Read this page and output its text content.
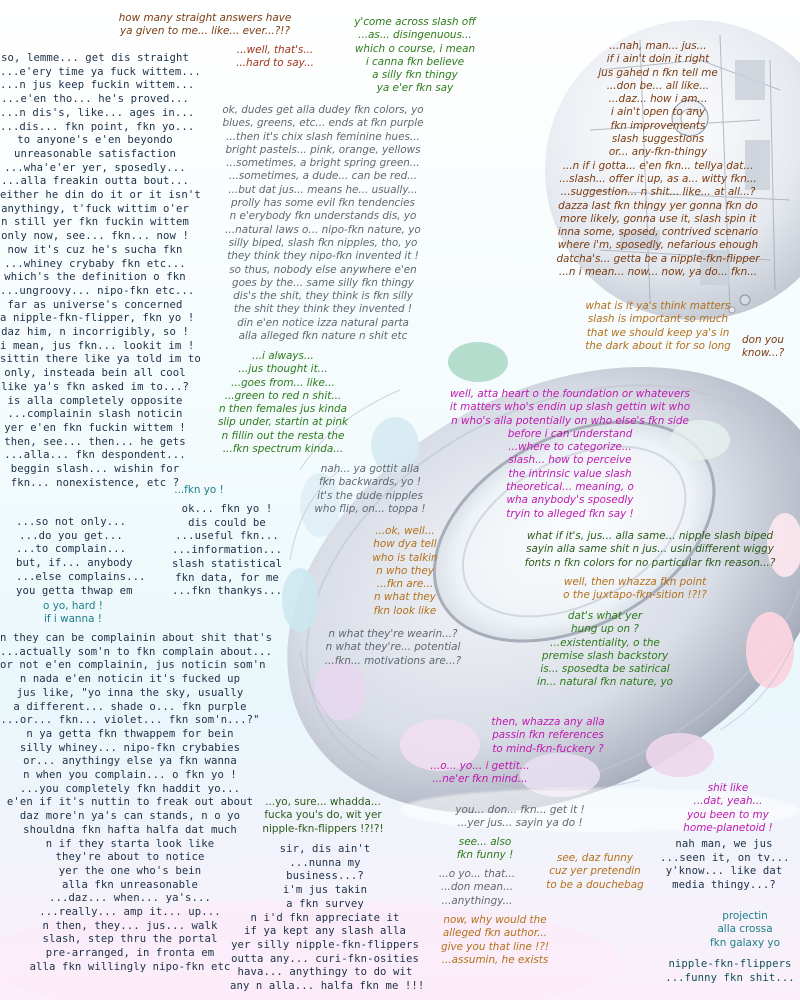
how many straight answers have
ya given to me... like... ever...?!?

...well, that's...
...hard to say...

y'come across slash off
...as... disingenuous...
which o course, i mean
i canna fkn believe
a silly fkn thingy
ya e'er fkn say

so, lemme... get dis straight
...e'ery time ya fuck wittem...
...n jus keep fuckin wittem...
...e'en tho... he's proved...
...n dis's, like... ages in...
...dis... fkn point, fkn yo...
to anyone's e'en beyondo
unreasonable satisfaction
...wha'e'er yer, sposedly...
...alla freakin outta bout...
either he din do it or it isn't
anythingy, t'fuck wittim o'er
n still yer fkn fuckin wittem
only now, see... fkn... now !
now it's cuz he's sucha fkn
...whiney crybaby fkn etc...
which's the definition o fkn
...ungroovy... nipo-fkn etc...
far as universe's concerned
a nipple-fkn-flipper, fkn yo !
daz him, n incorrigibly, so !
i mean, jus fkn... lookit im !
sittin there like ya told im to
only, insteada bein all cool
like ya's fkn asked im to...?
is alla completely opposite
...complainin slash noticin
yer e'en fkn fuckin wittem !
then, see... then... he gets
...alla... fkn despondent...
beggin slash... wishin for
fkn... nonexistence, etc ?

ok, dudes get alla dudey fkn colors, yo
blues, greens, etc... ends at fkn purple
...then it's chix slash feminine hues...
bright pastels... pink, orange, yellows
...sometimes, a bright spring green...
...sometimes, a dude... can be red...
...but dat jus... means he... usually...
prolly has some evil fkn tendencies
n e'erybody fkn understands dis, yo
...natural laws o... nipo-fkn nature, yo
silly biped, slash fkn nipples, tho, yo
they think they nipo-fkn invented it !
so thus, nobody else anywhere e'en
goes by the... same silly fkn thingy
dis's the shit, they think is fkn silly
the shit they think they invented !
din e'en notice izza natural parta
alla alleged fkn nature n shit etc

...nah, man... jus...
if i ain't doin it right
jus gahed n fkn tell me
...don be... all like...
...daz... how i am...
i ain't open to any
fkn improvements
slash suggestions
or... any-fkn-thingy
...n if i gotta... e'en fkn... tellya dat...
...slash... offer it up, as a... witty fkn...
...suggestion... n shit... like... at all...?
dazza last fkn thingy yer gonna fkn do
more likely, gonna use it, slash spin it
inna some, sposed, contrived scenario
where i'm, sposedly, nefarious enough
datcha's... getta be a nipple-fkn-flipper
...n i mean... now... now, ya do... fkn...

what is it ya's think matters
slash is important so much
that we should keep ya's in
the dark about it for so long	don you
know...?

...i always...
...jus thought it...
...goes from... like...
...green to red n shit...
n then females jus kinda
slip under, startin at pink
n fillin out the resta the
...fkn spectrum kinda...

well, atta heart o the foundation or whatevers
it matters who's endin up slash gettin wit who
n who's alla potentially on who else's fkn side
before i can understand
...where to categorize...
slash... how to perceive
the intrinsic value slash
theoretical... meaning, o
wha anybody's sposedly
tryin to alleged fkn say !

nah... ya gottit alla
fkn backwards, yo !
it's the dude nipples
who flip, on... toppa !

...fkn yo !

...so not only...
...do you get...
...to complain...
but, if... anybody
...else complains...
you getta thwap em

ok... fkn yo !
dis could be
...useful fkn...
...information...
slash statistical
fkn data, for me
...fkn thankys...

...ok, well...
how dya tell
who is talkin
n who they
...fkn are...
n what they
fkn look like

what if it's, jus... alla same... nipple slash biped
sayin alla same shit n jus... usin different wiggy
fonts n fkn colors for no particular fkn reason...?

well, then whazza fkn point
o the juxtapo-fkn-sition !?!?

o yo, hard !
if i wanna !

n they can be complainin about shit that's
...actually som'n to fkn complain about...
or not e'en complainin, jus noticin som'n
n nada e'en noticin it's fucked up
jus like, "yo inna the sky, usually
a different... shade o... fkn purple
...or... fkn... violet... fkn som'n...?"
n ya getta fkn thwappem for bein
silly whiney... nipo-fkn crybabies
or... anythingy else ya fkn wanna
n when you complain... o fkn yo !
...you completely fkn haddit yo...
e'en if it's nuttin to freak out about
daz more'n ya's can stands, n o yo
shouldna fkn hafta halfa dat much
n if they starta look like
they're about to notice
yer the one who's bein
alla fkn unreasonable
...daz... when... ya's...
...really... amp it... up...
n then, they... jus... walk
slash, step thru the portal
pre-arranged, in fronta em
alla fkn willingly nipo-fkn etc

dat's what yer
hung up on ?
...existentiality, o the
premise slash backstory
is... sposedta be satirical
in... natural fkn nature, yo

n what they're wearin...?
n what they're... potential
...fkn... motivations are...?

then, whazza any alla
passin fkn references
to mind-fkn-fuckery ?

...o... yo... i gettit...
...ne'er fkn mind...

shit like
...dat, yeah...
you been to my
home-planetoid !

...yo, sure... whadda...
fucka you's do, wit yer
nipple-fkn-flippers !?!?!

you... don... fkn... get it !
...yer jus... sayin ya do !

sir, dis ain't
...nunna my
business...?
i'm jus takin
a fkn survey
n i'd fkn appreciate it
if ya kept any slash alla
yer silly nipple-fkn-flippers
outta any... curi-fkn-osities
hava... anythingy to do wit
any n alla... halfa fkn me !!!

see... also
fkn funny !

nah man, we jus
...seen it, on tv...
y'know... like dat
media thingy...?

see, daz funny
cuz yer pretendin
to be a douchebag

...o yo... that...
...don mean...
...anythingy...

now, why would the
alleged fkn author...
give you that line !?!
...assumin, he exists

projectin
alla crossa
fkn galaxy yo

nipple-fkn-flippers
...funny fkn shit...
